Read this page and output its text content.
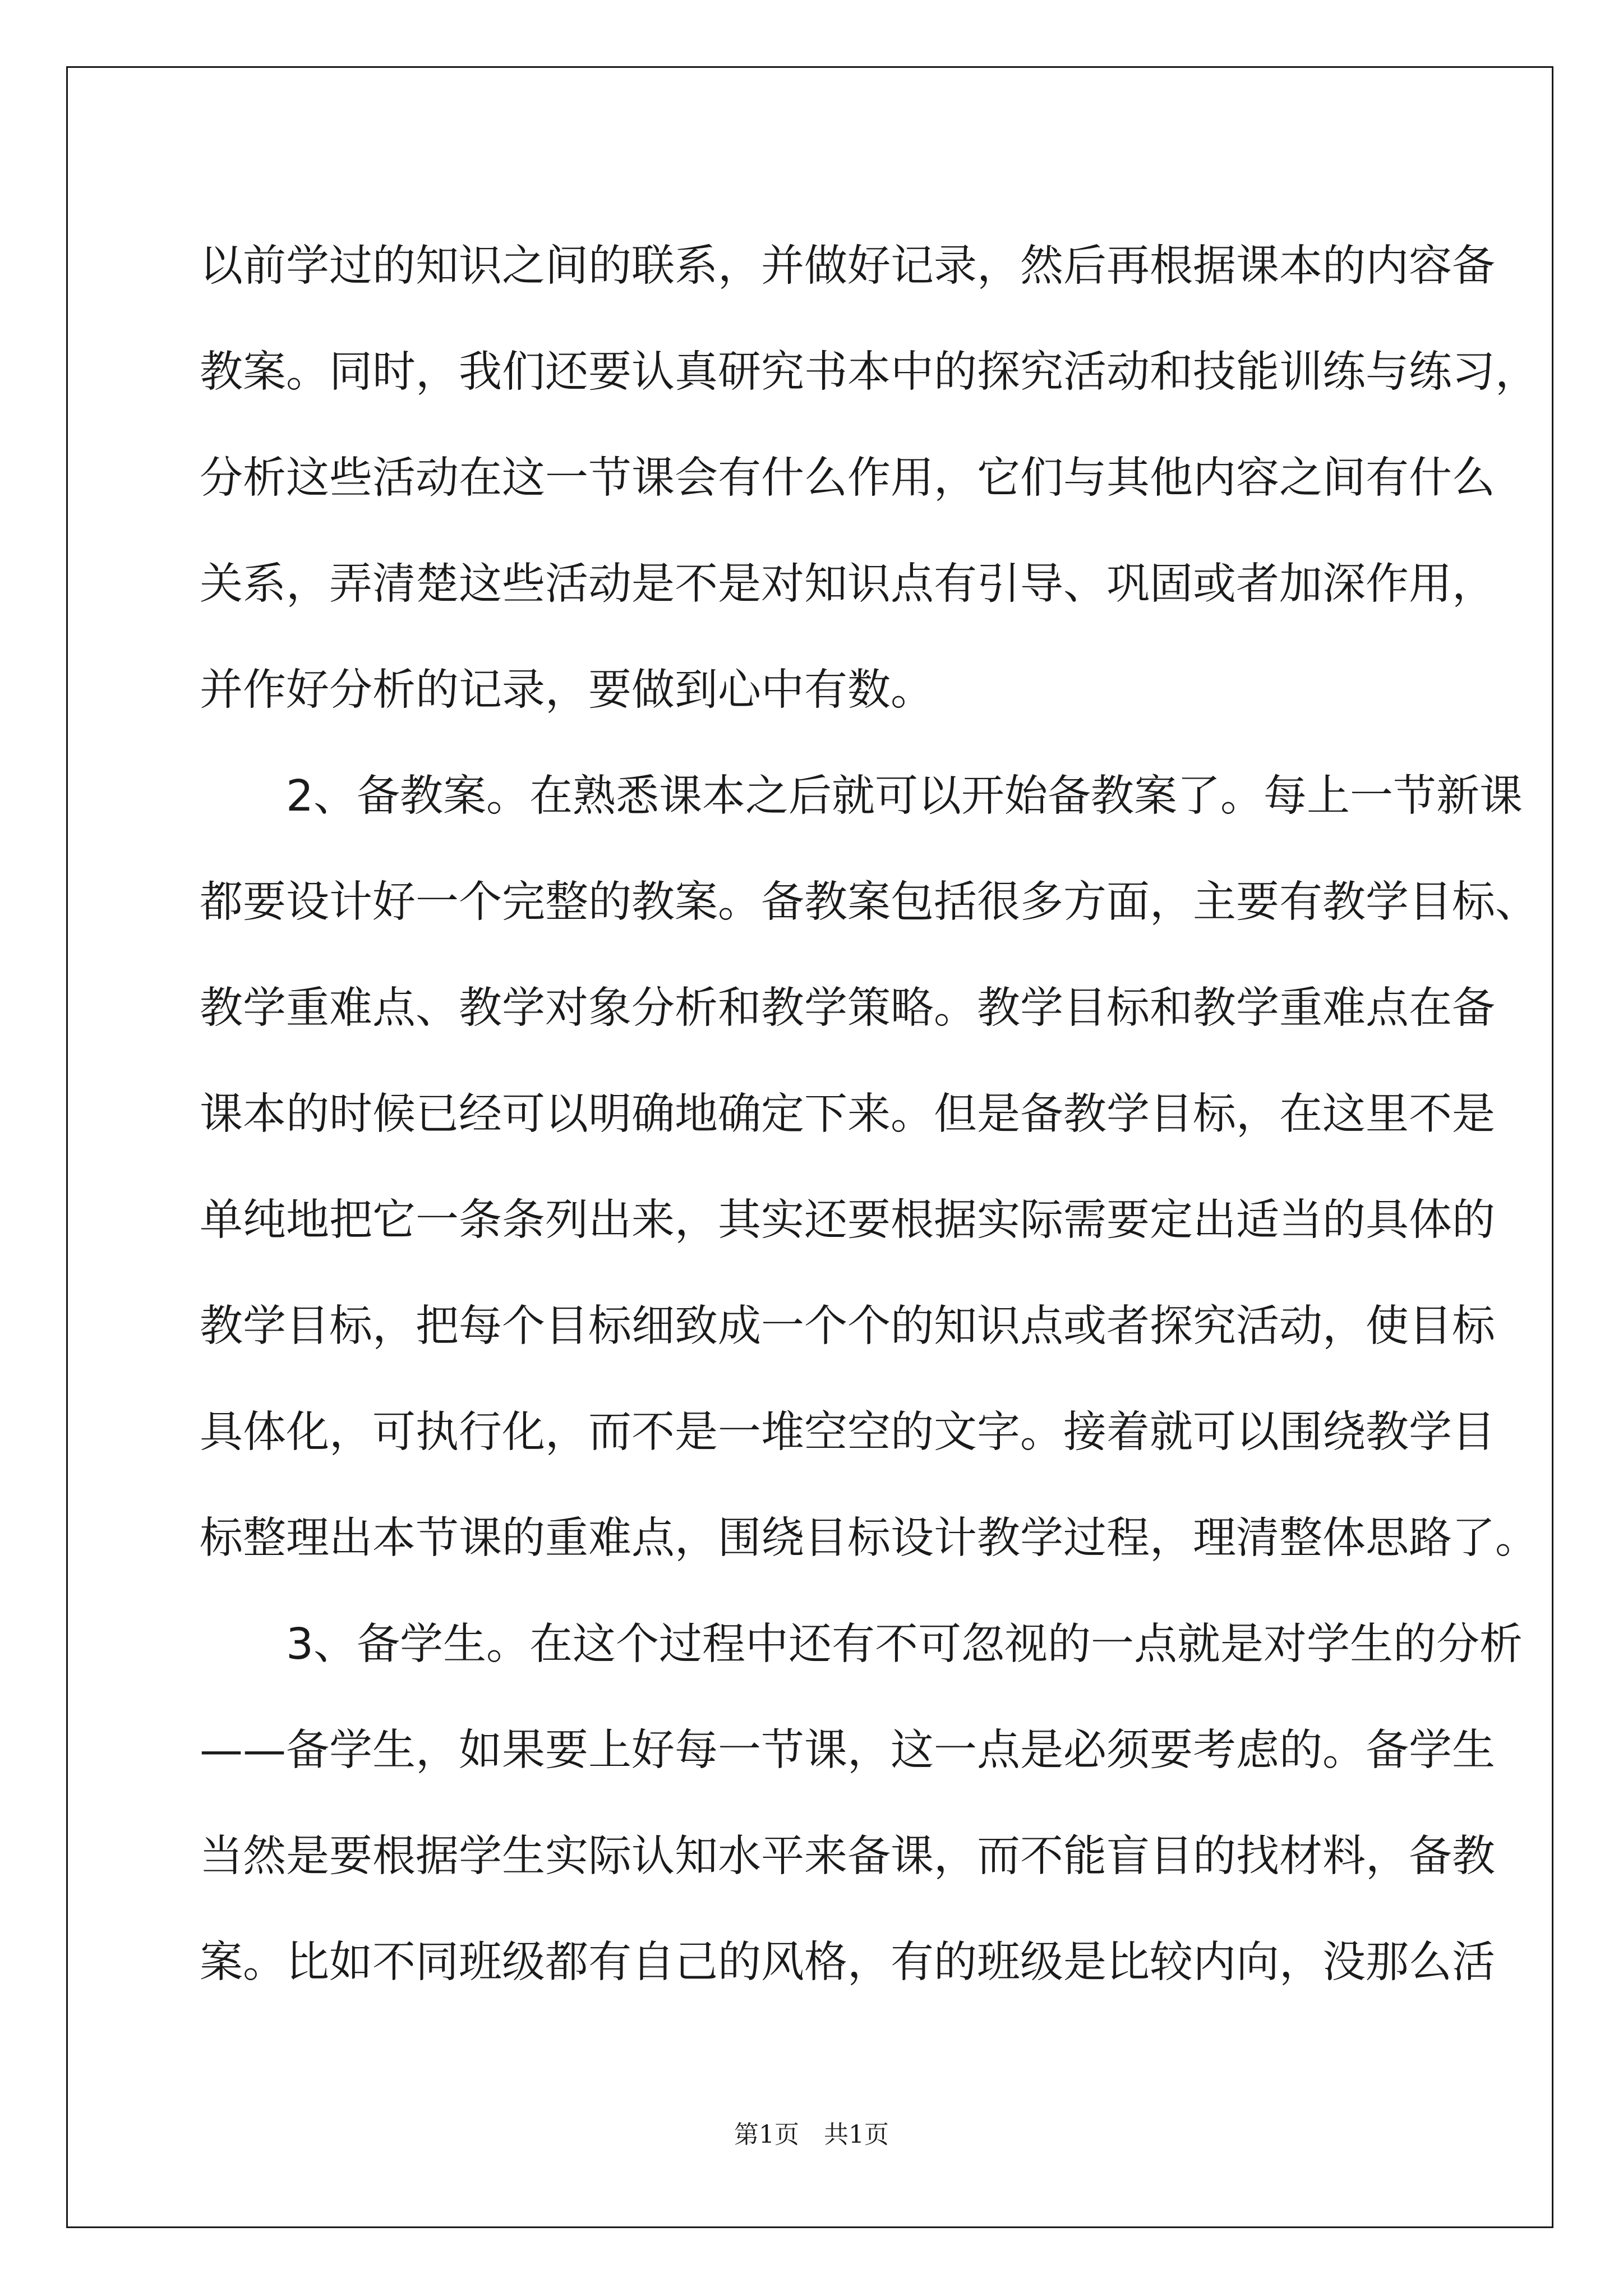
以前学过的知识之间的联系，并做好记录，然后再根据课本的内容备
教案。同时，我们还要认真研究书本中的探究活动和技能训练与练习，
分析这些活动在这一节课会有什么作用，它们与其他内容之间有什么
关系，弄清楚这些活动是不是对知识点有引导、巩固或者加深作用，
并作好分析的记录，要做到心中有数。
　　2、备教案。在熟悉课本之后就可以开始备教案了。每上一节新课
都要设计好一个完整的教案。备教案包括很多方面，主要有教学目标、
教学重难点、教学对象分析和教学策略。教学目标和教学重难点在备
课本的时候已经可以明确地确定下来。但是备教学目标，在这里不是
单纯地把它一条条列出来，其实还要根据实际需要定出适当的具体的
教学目标，把每个目标细致成一个个的知识点或者探究活动，使目标
具体化，可执行化，而不是一堆空空的文字。接着就可以围绕教学目
标整理出本节课的重难点，围绕目标设计教学过程，理清整体思路了。
　　3、备学生。在这个过程中还有不可忽视的一点就是对学生的分析
——备学生，如果要上好每一节课，这一点是必须要考虑的。备学生
当然是要根据学生实际认知水平来备课，而不能盲目的找材料，备教
案。比如不同班级都有自己的风格，有的班级是比较内向，没那么活
第1页 共1页
